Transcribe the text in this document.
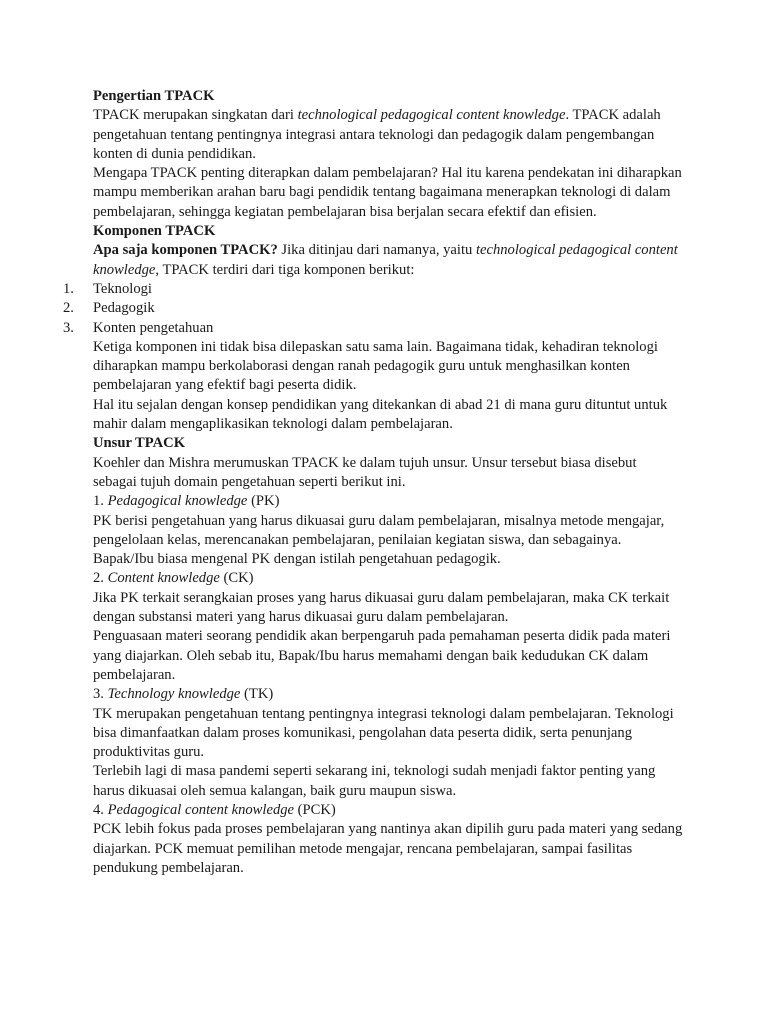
Pengertian TPACK

TPACK merupakan singkatan dari technological pedagogical content knowledge. TPACK adalah pengetahuan tentang pentingnya integrasi antara teknologi dan pedagogik dalam pengembangan konten di dunia pendidikan.

Mengapa TPACK penting diterapkan dalam pembelajaran? Hal itu karena pendekatan ini diharapkan mampu memberikan arahan baru bagi pendidik tentang bagaimana menerapkan teknologi di dalam pembelajaran, sehingga kegiatan pembelajaran bisa berjalan secara efektif dan efisien.

Komponen TPACK

Apa saja komponen TPACK? Jika ditinjau dari namanya, yaitu technological pedagogical content knowledge, TPACK terdiri dari tiga komponen berikut:

1.	Teknologi
2.	Pedagogik
3.	Konten pengetahuan

Ketiga komponen ini tidak bisa dilepaskan satu sama lain. Bagaimana tidak, kehadiran teknologi diharapkan mampu berkolaborasi dengan ranah pedagogik guru untuk menghasilkan konten pembelajaran yang efektif bagi peserta didik.

Hal itu sejalan dengan konsep pendidikan yang ditekankan di abad 21 di mana guru dituntut untuk mahir dalam mengaplikasikan teknologi dalam pembelajaran.

Unsur TPACK

Koehler dan Mishra merumuskan TPACK ke dalam tujuh unsur. Unsur tersebut biasa disebut sebagai tujuh domain pengetahuan seperti berikut ini.

1. Pedagogical knowledge (PK)

PK berisi pengetahuan yang harus dikuasai guru dalam pembelajaran, misalnya metode mengajar, pengelolaan kelas, merencanakan pembelajaran, penilaian kegiatan siswa, dan sebagainya. Bapak/Ibu biasa mengenal PK dengan istilah pengetahuan pedagogik.

2. Content knowledge (CK)

Jika PK terkait serangkaian proses yang harus dikuasai guru dalam pembelajaran, maka CK terkait dengan substansi materi yang harus dikuasai guru dalam pembelajaran.

Penguasaan materi seorang pendidik akan berpengaruh pada pemahaman peserta didik pada materi yang diajarkan. Oleh sebab itu, Bapak/Ibu harus memahami dengan baik kedudukan CK dalam pembelajaran.

3. Technology knowledge (TK)

TK merupakan pengetahuan tentang pentingnya integrasi teknologi dalam pembelajaran. Teknologi bisa dimanfaatkan dalam proses komunikasi, pengolahan data peserta didik, serta penunjang produktivitas guru.

Terlebih lagi di masa pandemi seperti sekarang ini, teknologi sudah menjadi faktor penting yang harus dikuasai oleh semua kalangan, baik guru maupun siswa.

4. Pedagogical content knowledge (PCK)

PCK lebih fokus pada proses pembelajaran yang nantinya akan dipilih guru pada materi yang sedang diajarkan. PCK memuat pemilihan metode mengajar, rencana pembelajaran, sampai fasilitas pendukung pembelajaran.
